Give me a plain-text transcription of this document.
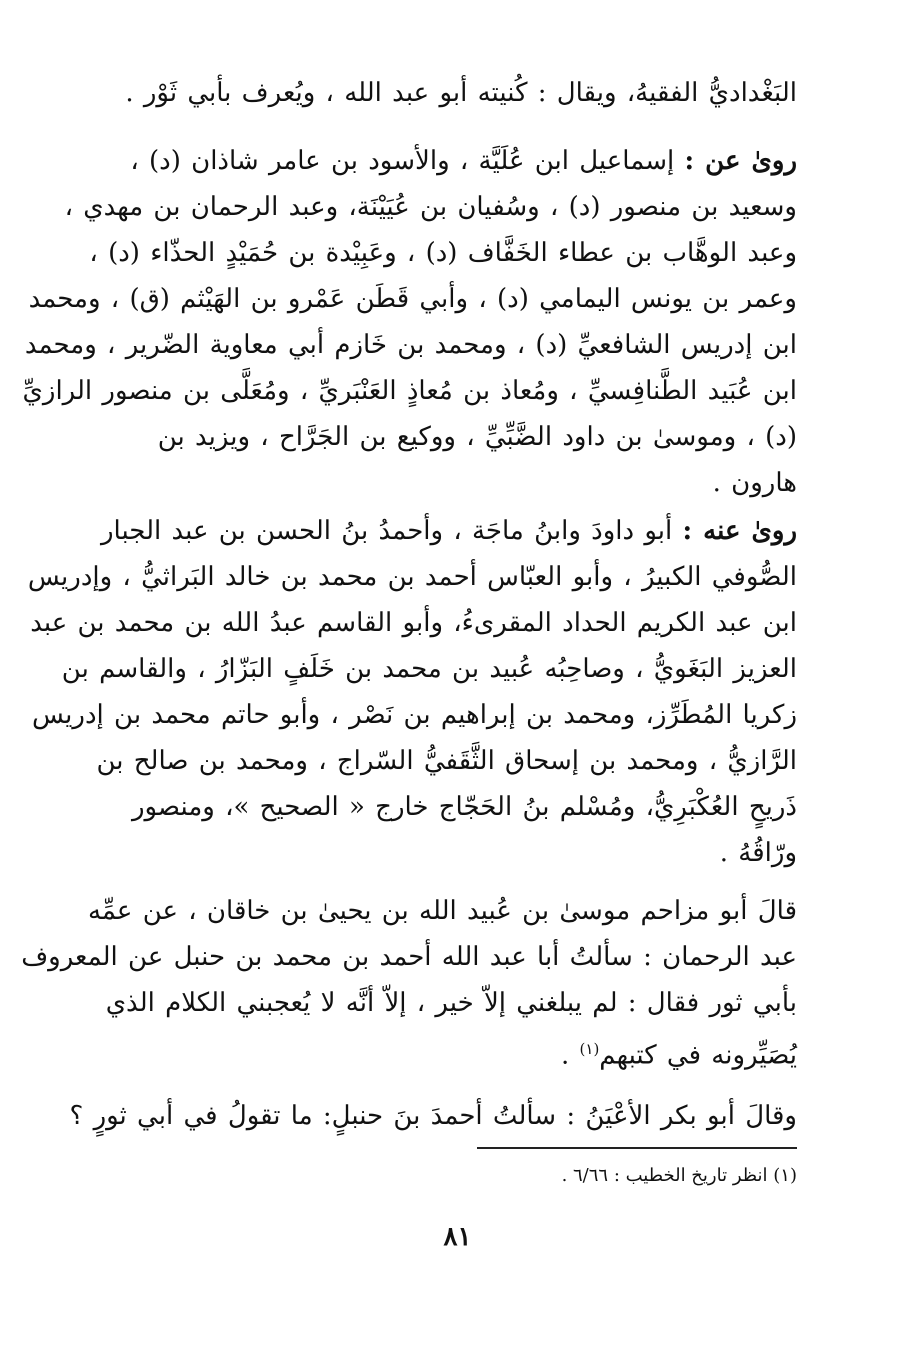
البَغْداديُّ الفقيهُ، ويقال : كُنيته أبو عبد الله ، ويُعرف بأبي ثَوْر .
روىٰ عن : إسماعيل ابن عُلَيَّة ، والأسود بن عامر شاذان (د) ،
وسعيد بن منصور (د) ، وسُفيان بن عُيَيْنَة، وعبد الرحمان بن مهدي ،
وعبد الوهَّاب بن عطاء الخَفَّاف (د) ، وعَبِيْدة بن حُمَيْدٍ الحذّاء (د) ،
وعمر بن يونس اليمامي (د) ، وأبي قَطَن عَمْرو بن الهَيْثم (ق) ، ومحمد
ابن إدريس الشافعيِّ (د) ، ومحمد بن خَازم أبي معاوية الضّرير ، ومحمد
ابن عُبَيد الطَّنافِسيِّ ، ومُعاذ بن مُعاذٍ العَنْبَريِّ ، ومُعَلَّى بن منصور الرازيِّ
(د) ، وموسىٰ بن داود الضَّبِّيِّ ، ووكيع بن الجَرَّاح ، ويزيد بن
هارون .
روىٰ عنه : أبو داودَ وابنُ ماجَة ، وأحمدُ بنُ الحسن بن عبد الجبار
الصُّوفي الكبيرُ ، وأبو العبّاس أحمد بن محمد بن خالد البَراثيُّ ، وإدريس
ابن عبد الكريم الحداد المقرىءُ، وأبو القاسم عبدُ الله بن محمد بن عبد
العزيز البَغَويُّ ، وصاحِبُه عُبيد بن محمد بن خَلَفٍ البَزّارُ ، والقاسم بن
زكريا المُطَرِّز، ومحمد بن إبراهيم بن نَصْر ، وأبو حاتم محمد بن إدريس
الرَّازيُّ ، ومحمد بن إسحاق الثَّقَفيُّ السّراج ، ومحمد بن صالح بن
ذَريحٍ العُكْبَرِيُّ، ومُسْلم بنُ الحَجّاج خارج « الصحيح »، ومنصور
ورّاقُهُ .
قالَ أبو مزاحم موسىٰ بن عُبيد الله بن يحيىٰ بن خاقان ، عن عمِّه
عبد الرحمان : سألتُ أبا عبد الله أحمد بن محمد بن حنبل عن المعروف
بأبي ثور فقال : لم يبلغني إلاّ خير ، إلاّ أنَّه لا يُعجبني الكلام الذي
يُصَيِّرونه في كتبهم$^{(١)}$ .
وقالَ أبو بكر الأعْيَنُ : سألتُ أحمدَ بنَ حنبلٍ: ما تقولُ في أبي ثورٍ ؟
(١) انظر تاريخ الخطيب : ٦/٦٦ .
٨١
